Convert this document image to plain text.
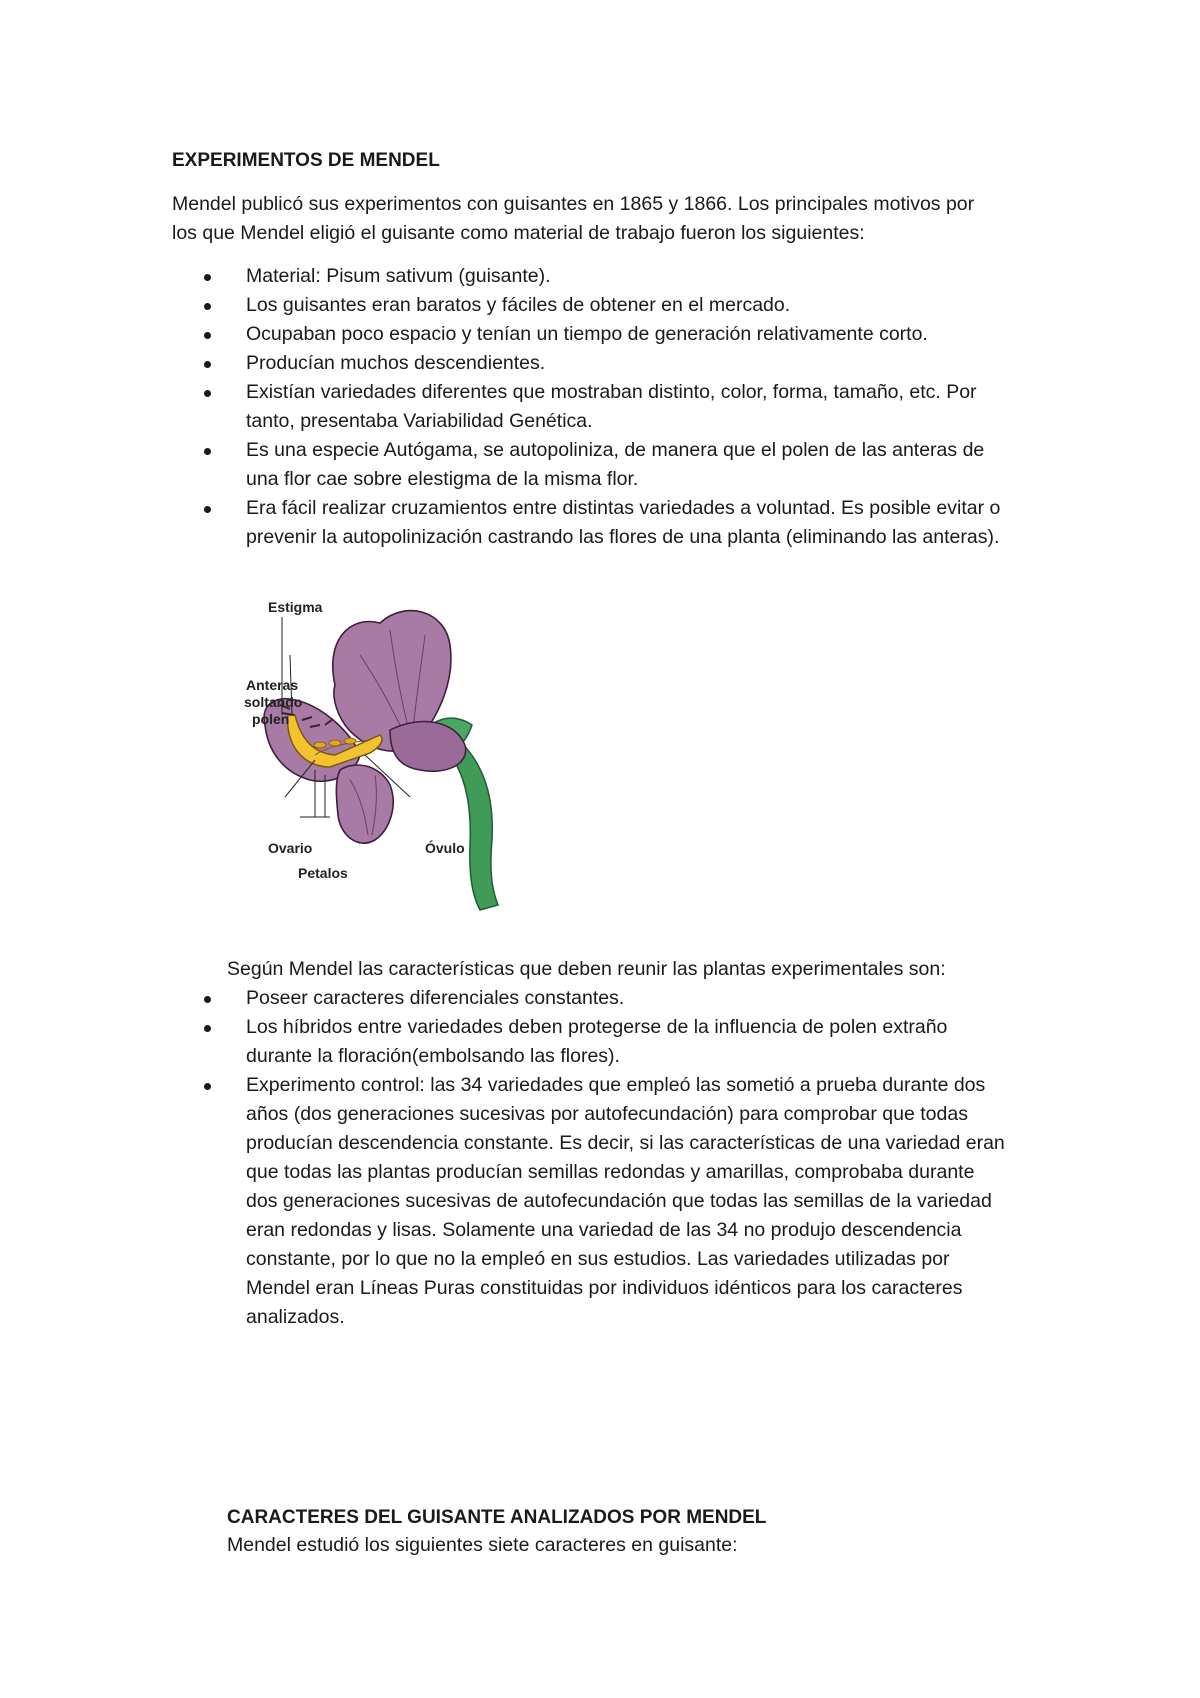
EXPERIMENTOS DE MENDEL
Mendel publicó sus experimentos con guisantes en 1865 y 1866. Los principales motivos por
los que Mendel eligió el guisante como material de trabajo fueron los siguientes:
Material: Pisum sativum (guisante).
Los guisantes eran baratos y fáciles de obtener en el mercado.
Ocupaban poco espacio y tenían un tiempo de generación relativamente corto.
Producían muchos descendientes.
Existían variedades diferentes que mostraban distinto, color, forma, tamaño, etc. Por
tanto, presentaba Variabilidad Genética.
Es una especie Autógama, se autopoliniza, de manera que el polen de las anteras de
una flor cae sobre elestigma de la misma flor.
Era fácil realizar cruzamientos entre distintas variedades a voluntad. Es posible evitar o
prevenir la autopolinización castrando las flores de una planta (eliminando las anteras).
Estigma
Anteras
soltando
polen
Ovario	Óvulo
Petalos
Según Mendel las características que deben reunir las plantas experimentales son:
Poseer caracteres diferenciales constantes.
Los híbridos entre variedades deben protegerse de la influencia de polen extraño
durante la floración(embolsando las flores).
Experimento control: las 34 variedades que empleó las sometió a prueba durante dos
años (dos generaciones sucesivas por autofecundación) para comprobar que todas
producían descendencia constante. Es decir, si las características de una variedad eran
que todas las plantas producían semillas redondas y amarillas, comprobaba durante
dos generaciones sucesivas de autofecundación que todas las semillas de la variedad
eran redondas y lisas. Solamente una variedad de las 34 no produjo descendencia
constante, por lo que no la empleó en sus estudios. Las variedades utilizadas por
Mendel eran Líneas Puras constituidas por individuos idénticos para los caracteres
analizados.
CARACTERES DEL GUISANTE ANALIZADOS POR MENDEL
Mendel estudió los siguientes siete caracteres en guisante:
